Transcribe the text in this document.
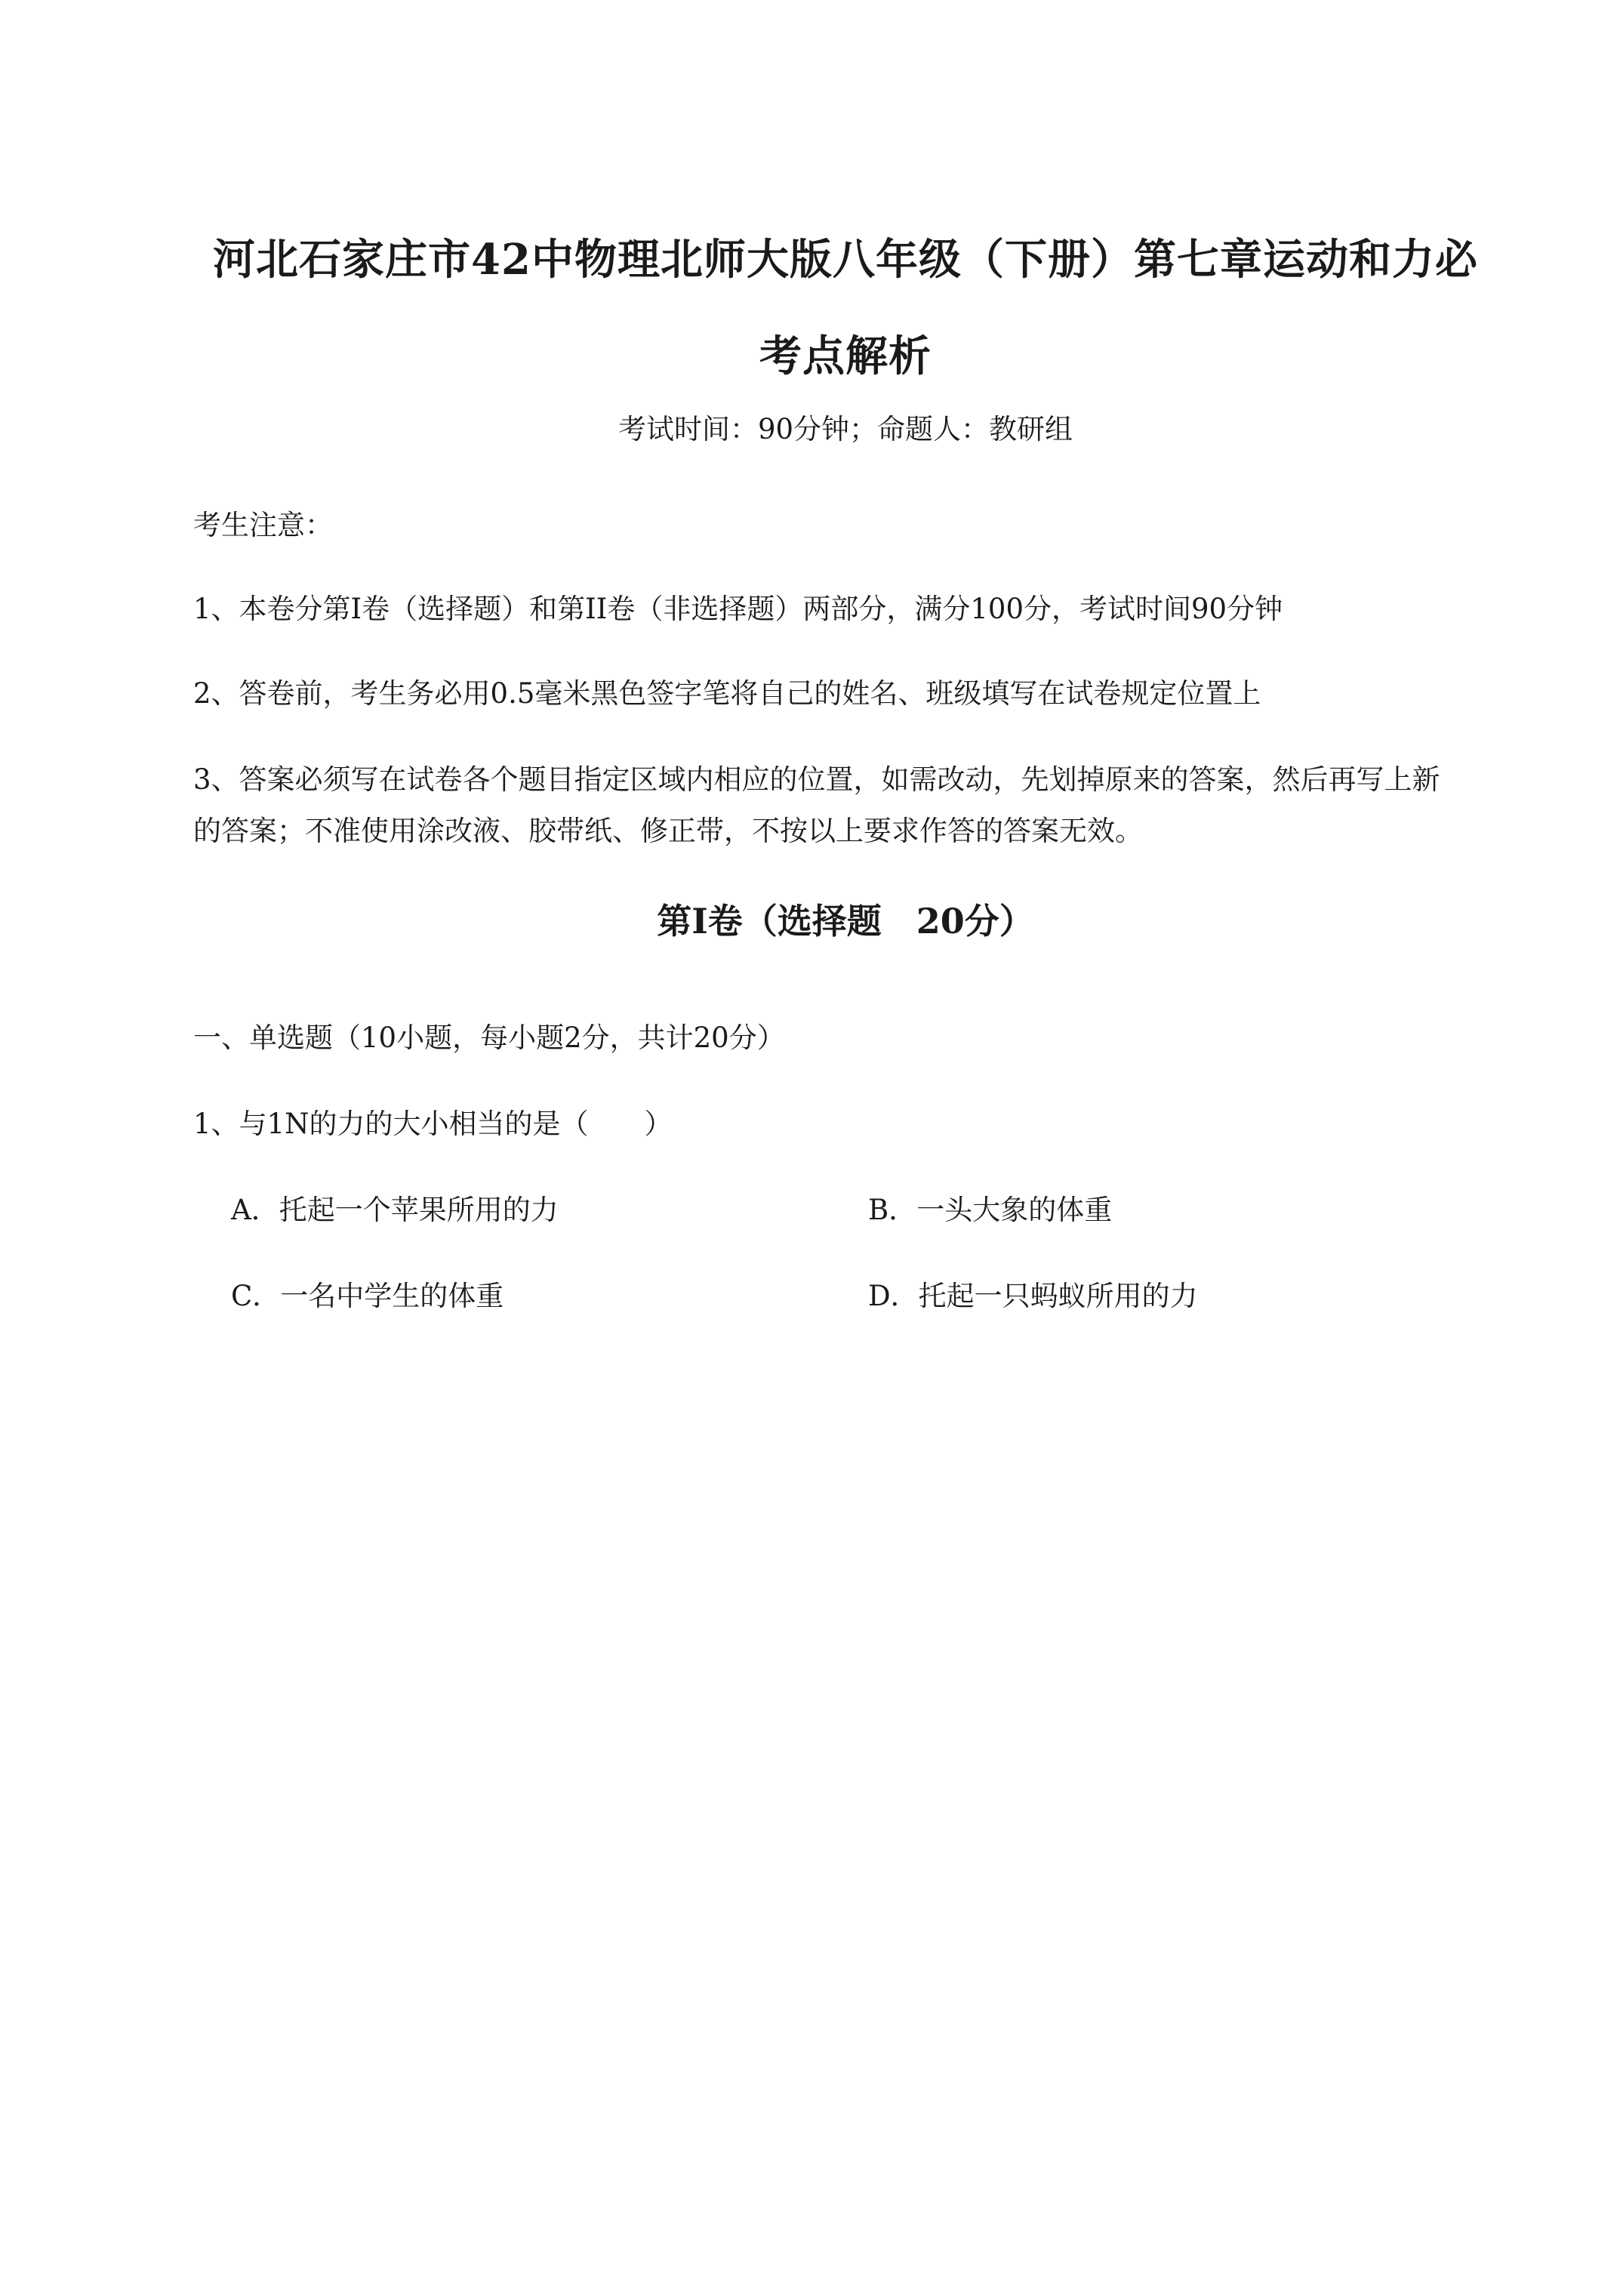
河北石家庄市42中物理北师大版八年级（下册）第七章运动和力必
考点解析
考试时间：90分钟；命题人：教研组
考生注意：
1、本卷分第I卷（选择题）和第II卷（非选择题）两部分，满分100分，考试时间90分钟
2、答卷前，考生务必用0.5毫米黑色签字笔将自己的姓名、班级填写在试卷规定位置上
3、答案必须写在试卷各个题目指定区域内相应的位置，如需改动，先划掉原来的答案，然后再写上新
的答案；不准使用涂改液、胶带纸、修正带，不按以上要求作答的答案无效。
第I卷（选择题　20分）
一、单选题（10小题，每小题2分，共计20分）
1、与1N的力的大小相当的是（　　）
A．托起一个苹果所用的力	B．一头大象的体重
C．一名中学生的体重	D．托起一只蚂蚁所用的力
